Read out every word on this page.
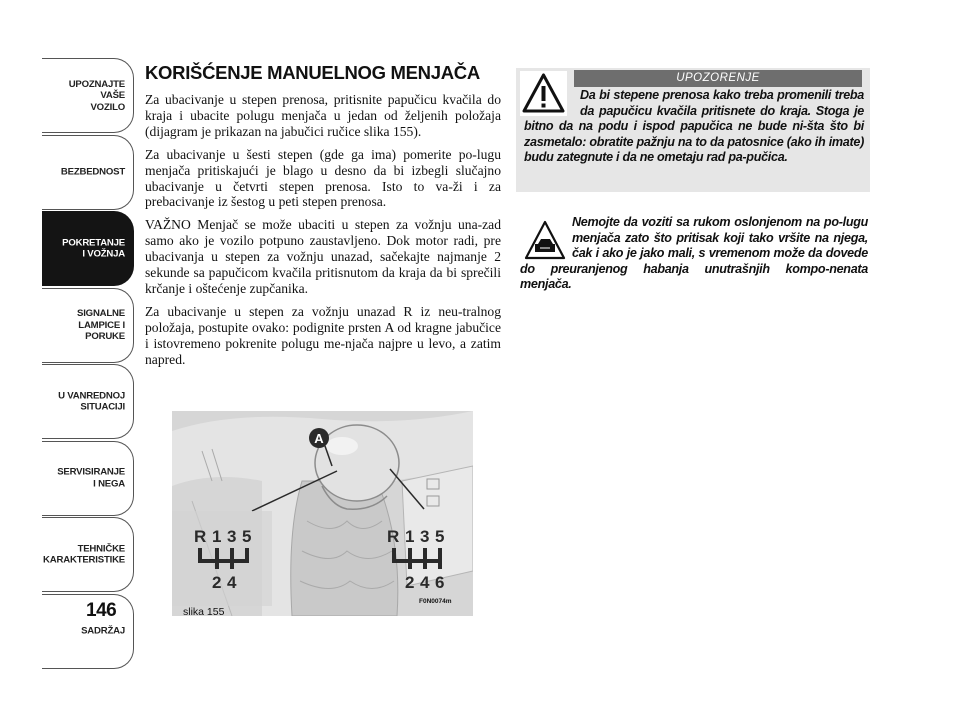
UPOZNAJTE
VAŠE
VOZILO
BEZBEDNOST
POKRETANJE
I VOŽNJA
SIGNALNE
LAMPICE I PORUKE
U VANREDNOJ
SITUACIJI
SERVISIRANJE
I NEGA
TEHNIČKE
KARAKTERISTIKE
SADRŽAJ
146
KORIŠĆENJE MANUELNOG MENJAČA

Za ubacivanje u stepen prenosa, pritisnite papučicu kvačila do kraja i ubacite polugu menjača u jedan od željenih položaja (dijagram je prikazan na jabučici ručice slika 155).

Za ubacivanje u šesti stepen (gde ga ima) pomerite po-lugu menjača pritiskajući je blago u desno da bi izbegli slučajno ubacivanje u četvrti stepen prenosa. Isto to va-ži i za prebacivanje iz šestog u peti stepen prenosa.

VAŽNO Menjač se može ubaciti u stepen za vožnju una-zad samo ako je vozilo potpuno zaustavljeno. Dok motor radi, pre ubacivanja u stepen za vožnju unazad, sačekajte najmanje 2 sekunde sa papučicom kvačila pritisnutom da kraja da bi sprečili krčanje i oštećenje zupčanika.

Za ubacivanje u stepen za vožnju unazad R iz neu-tralnog položaja, postupite ovako: podignite prsten A od kragne jabučice i istovremeno pokrenite polugu me-njača najpre u levo, a zatim napred.

A
R 1 3 5
2 4
R 1 3 5
2 4 6
slika 155
F0N0074m
UPOZORENJE
Da bi stepene prenosa kako treba promenili treba da papučicu kvačila pritisnete do kraja. Stoga je bitno da na podu i ispod papučica ne bude ni-šta što bi zasmetalo: obratite pažnju na to da patosnice (ako ih imate) budu zategnute i da ne ometaju rad pa-pučica.
Nemojte da voziti sa rukom oslonjenom na po-lugu menjača zato što pritisak koji tako vršite na njega, čak i ako je jako mali, s vremenom može da dovede do preuranjenog habanja unutrašnjih kompo-nenata menjača.
